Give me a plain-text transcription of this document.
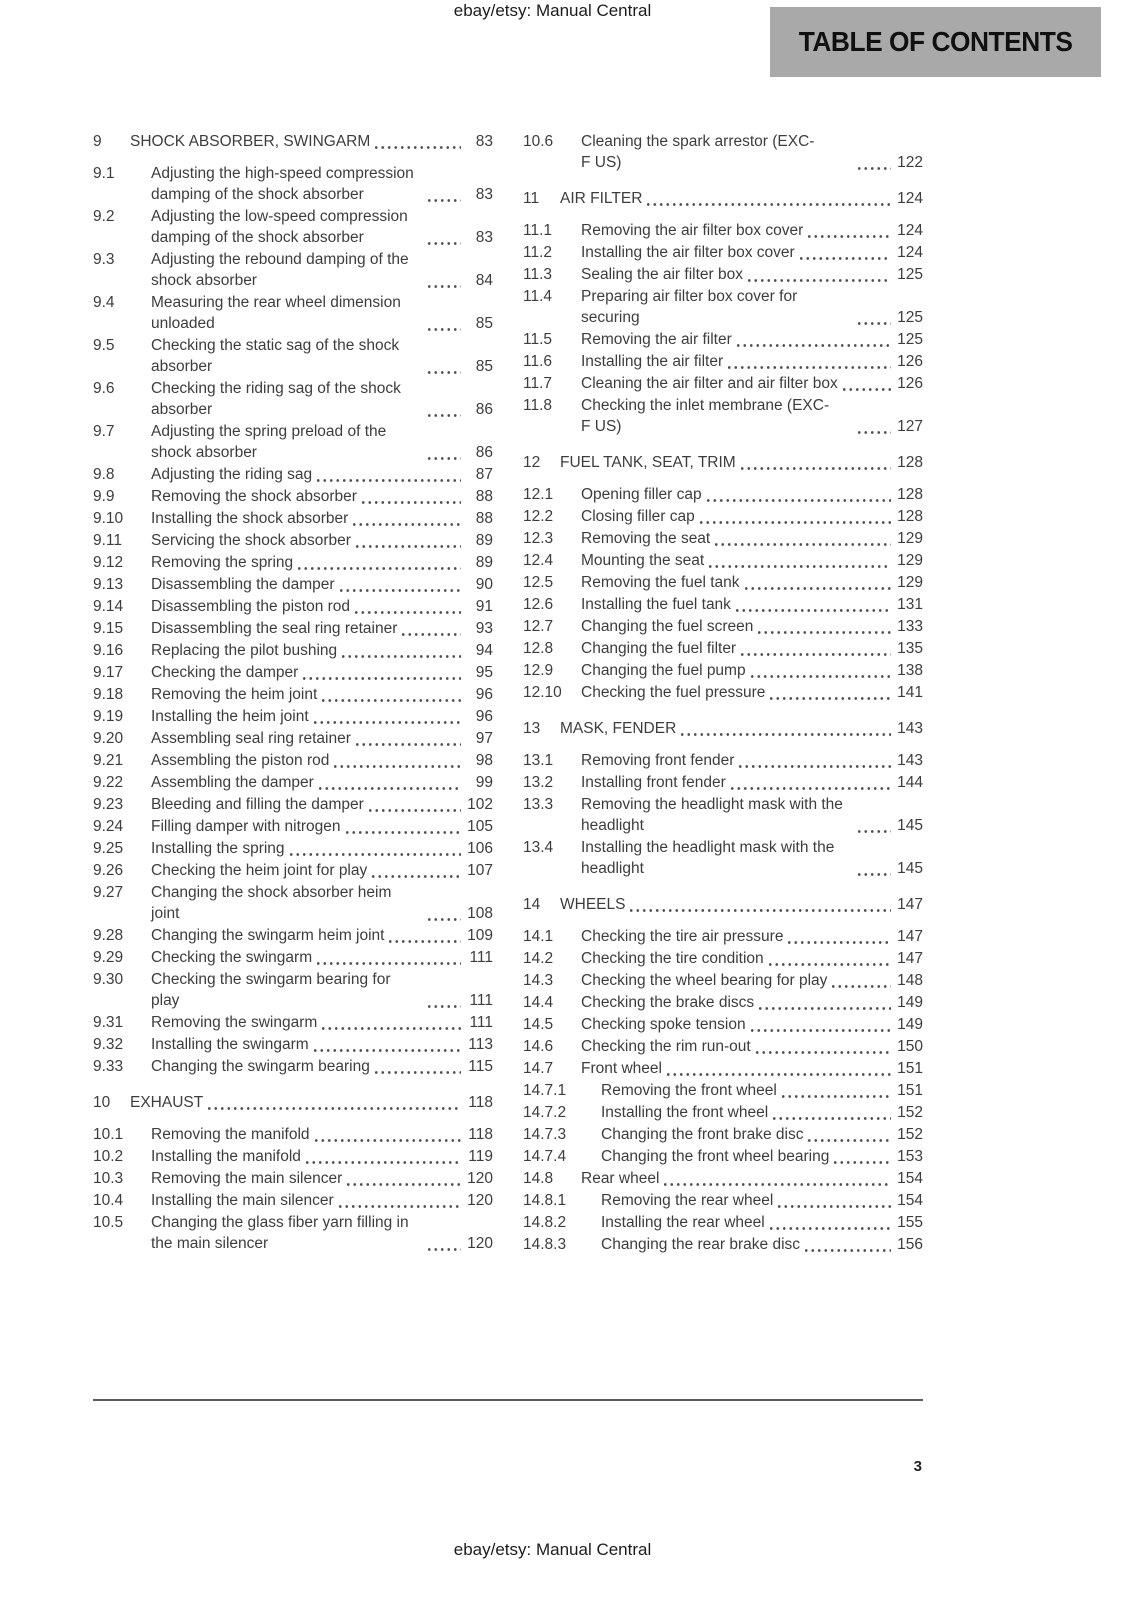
ebay/etsy: Manual Central
TABLE OF CONTENTS
9	SHOCK ABSORBER, SWINGARM	83
9.1	Adjusting the high-speed compression damping of the shock absorber	83
9.2	Adjusting the low-speed compression damping of the shock absorber	83
9.3	Adjusting the rebound damping of the shock absorber	84
9.4	Measuring the rear wheel dimension unloaded	85
9.5	Checking the static sag of the shock absorber	85
9.6	Checking the riding sag of the shock absorber	86
9.7	Adjusting the spring preload of the shock absorber	86
9.8	Adjusting the riding sag	87
9.9	Removing the shock absorber	88
9.10	Installing the shock absorber	88
9.11	Servicing the shock absorber	89
9.12	Removing the spring	89
9.13	Disassembling the damper	90
9.14	Disassembling the piston rod	91
9.15	Disassembling the seal ring retainer	93
9.16	Replacing the pilot bushing	94
9.17	Checking the damper	95
9.18	Removing the heim joint	96
9.19	Installing the heim joint	96
9.20	Assembling seal ring retainer	97
9.21	Assembling the piston rod	98
9.22	Assembling the damper	99
9.23	Bleeding and filling the damper	102
9.24	Filling damper with nitrogen	105
9.25	Installing the spring	106
9.26	Checking the heim joint for play	107
9.27	Changing the shock absorber heim joint	108
9.28	Changing the swingarm heim joint	109
9.29	Checking the swingarm	111
9.30	Checking the swingarm bearing for play	111
9.31	Removing the swingarm	111
9.32	Installing the swingarm	113
9.33	Changing the swingarm bearing	115
10	EXHAUST	118
10.1	Removing the manifold	118
10.2	Installing the manifold	119
10.3	Removing the main silencer	120
10.4	Installing the main silencer	120
10.5	Changing the glass fiber yarn filling in the main silencer	120
10.6	Cleaning the spark arrestor (EXC-F US)	122
11	AIR FILTER	124
11.1	Removing the air filter box cover	124
11.2	Installing the air filter box cover	124
11.3	Sealing the air filter box	125
11.4	Preparing air filter box cover for securing	125
11.5	Removing the air filter	125
11.6	Installing the air filter	126
11.7	Cleaning the air filter and air filter box	126
11.8	Checking the inlet membrane (EXC-F US)	127
12	FUEL TANK, SEAT, TRIM	128
12.1	Opening filler cap	128
12.2	Closing filler cap	128
12.3	Removing the seat	129
12.4	Mounting the seat	129
12.5	Removing the fuel tank	129
12.6	Installing the fuel tank	131
12.7	Changing the fuel screen	133
12.8	Changing the fuel filter	135
12.9	Changing the fuel pump	138
12.10	Checking the fuel pressure	141
13	MASK, FENDER	143
13.1	Removing front fender	143
13.2	Installing front fender	144
13.3	Removing the headlight mask with the headlight	145
13.4	Installing the headlight mask with the headlight	145
14	WHEELS	147
14.1	Checking the tire air pressure	147
14.2	Checking the tire condition	147
14.3	Checking the wheel bearing for play	148
14.4	Checking the brake discs	149
14.5	Checking spoke tension	149
14.6	Checking the rim run-out	150
14.7	Front wheel	151
14.7.1	Removing the front wheel	151
14.7.2	Installing the front wheel	152
14.7.3	Changing the front brake disc	152
14.7.4	Changing the front wheel bearing	153
14.8	Rear wheel	154
14.8.1	Removing the rear wheel	154
14.8.2	Installing the rear wheel	155
14.8.3	Changing the rear brake disc	156
3
ebay/etsy: Manual Central
